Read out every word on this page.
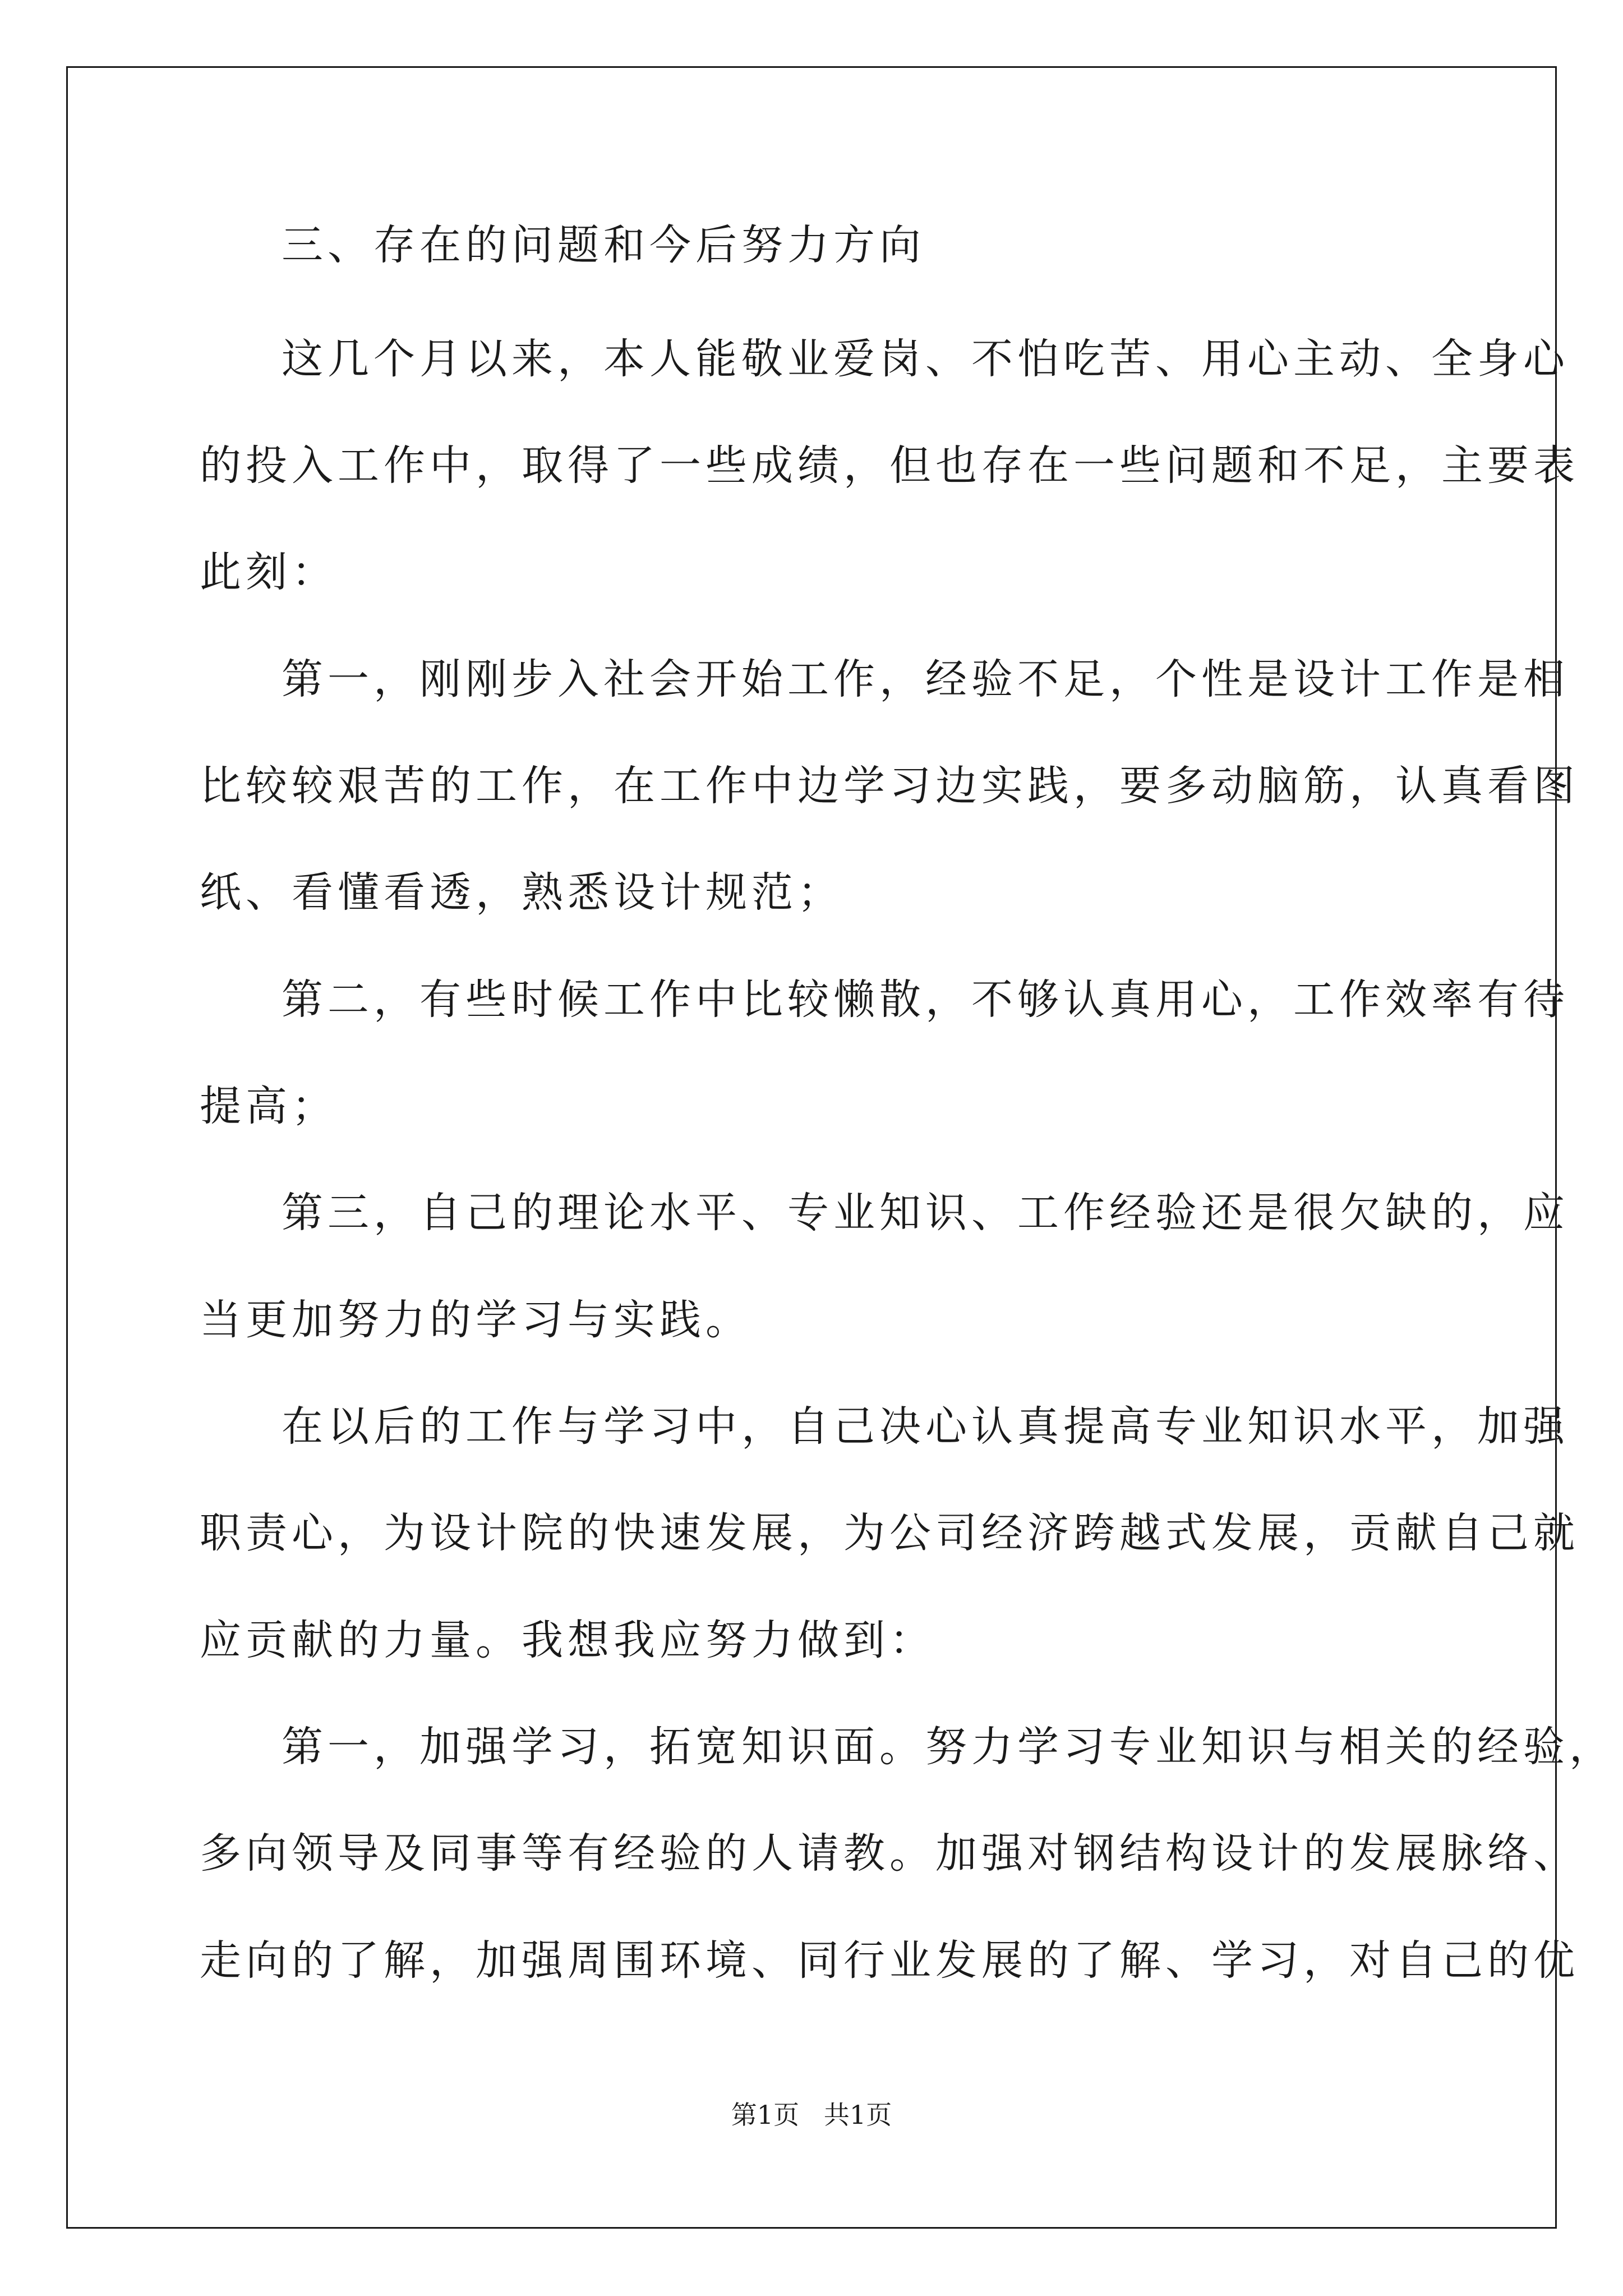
三、存在的问题和今后努力方向
这几个月以来，本人能敬业爱岗、不怕吃苦、用心主动、全身心
的投入工作中，取得了一些成绩，但也存在一些问题和不足，主要表
此刻：
第一，刚刚步入社会开始工作，经验不足，个性是设计工作是相
比较较艰苦的工作，在工作中边学习边实践，要多动脑筋，认真看图
纸、看懂看透，熟悉设计规范；
第二，有些时候工作中比较懒散，不够认真用心，工作效率有待
提高；
第三，自己的理论水平、专业知识、工作经验还是很欠缺的，应
当更加努力的学习与实践。
在以后的工作与学习中，自己决心认真提高专业知识水平，加强
职责心，为设计院的快速发展，为公司经济跨越式发展，贡献自己就
应贡献的力量。我想我应努力做到：
第一，加强学习，拓宽知识面。努力学习专业知识与相关的经验，
多向领导及同事等有经验的人请教。加强对钢结构设计的发展脉络、
走向的了解，加强周围环境、同行业发展的了解、学习，对自己的优
第1页   共1页
